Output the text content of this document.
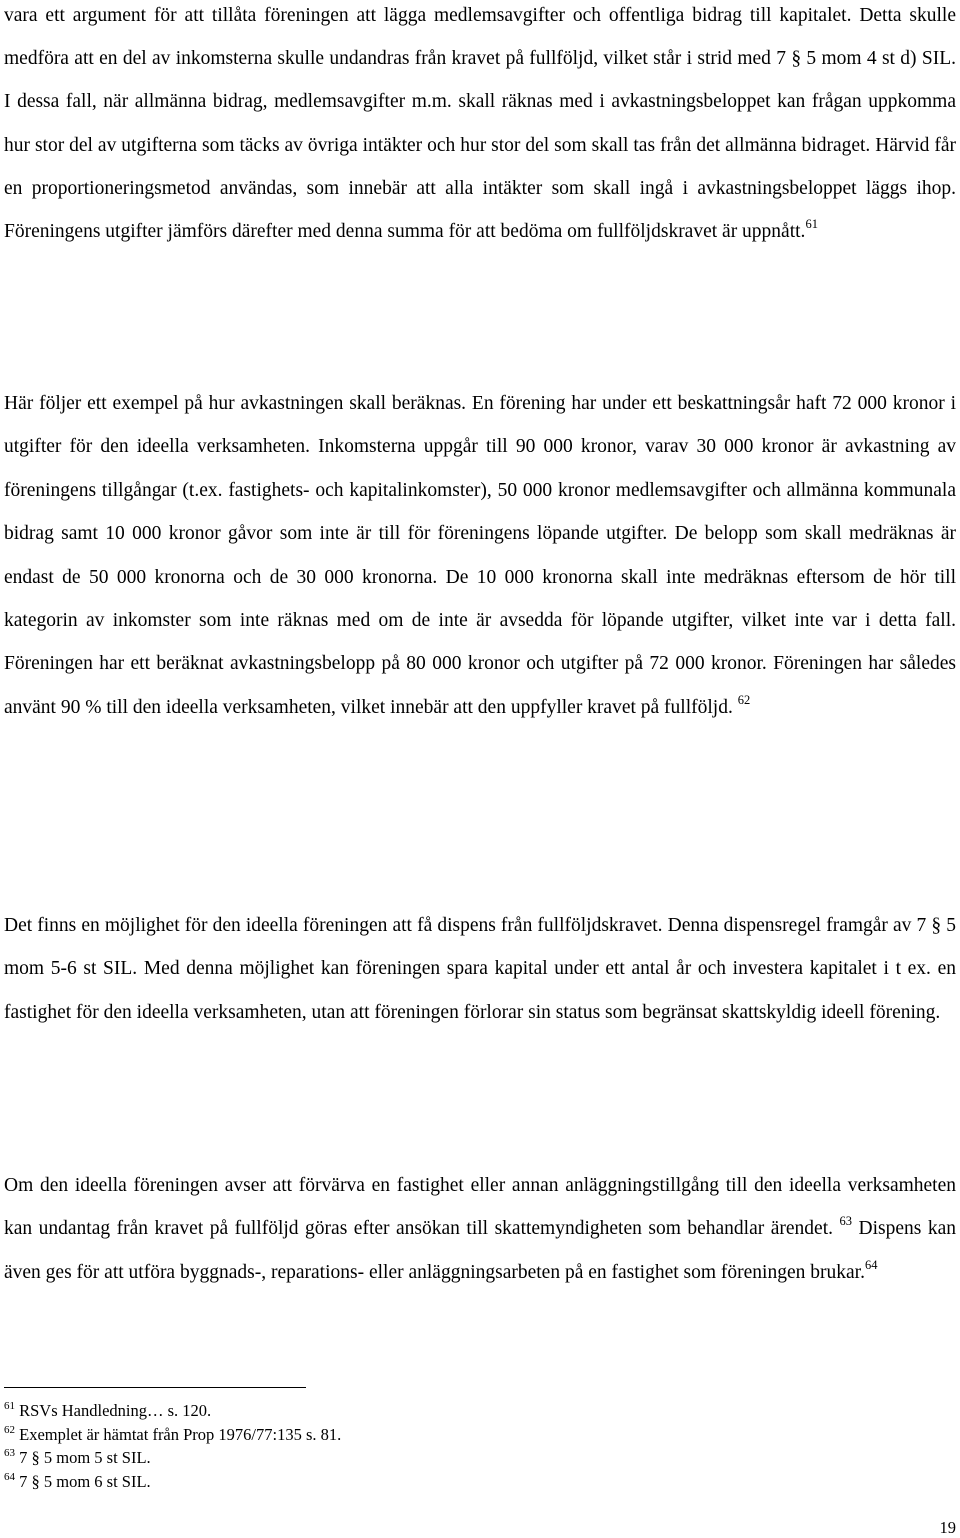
vara ett argument för att tillåta föreningen att lägga medlemsavgifter och offentliga bidrag till kapitalet. Detta skulle medföra att en del av inkomsterna skulle undandras från kravet på fullföljd, vilket står i strid med 7 § 5 mom 4 st d) SIL. I dessa fall, när allmänna bidrag, medlemsavgifter m.m. skall räknas med i avkastningsbeloppet kan frågan uppkomma hur stor del av utgifterna som täcks av övriga intäkter och hur stor del som skall tas från det allmänna bidraget. Härvid får en proportioneringsmetod användas, som innebär att alla intäkter som skall ingå i avkastningsbeloppet läggs ihop. Föreningens utgifter jämförs därefter med denna summa för att bedöma om fullföljdskravet är uppnått.$^{61}$

Här följer ett exempel på hur avkastningen skall beräknas. En förening har under ett beskattningsår haft 72 000 kronor i utgifter för den ideella verksamheten. Inkomsterna uppgår till 90 000 kronor, varav 30 000 kronor är avkastning av föreningens tillgångar (t.ex. fastighets- och kapitalinkomster), 50 000 kronor medlemsavgifter och allmänna kommunala bidrag samt 10 000 kronor gåvor som inte är till för föreningens löpande utgifter. De belopp som skall medräknas är endast de 50 000 kronorna och de 30 000 kronorna. De 10 000 kronorna skall inte medräknas eftersom de hör till kategorin av inkomster som inte räknas med om de inte är avsedda för löpande utgifter, vilket inte var i detta fall. Föreningen har ett beräknat avkastningsbelopp på 80 000 kronor och utgifter på 72 000 kronor. Föreningen har således använt 90 % till den ideella verksamheten, vilket innebär att den uppfyller kravet på fullföljd. $^{62}$

Det finns en möjlighet för den ideella föreningen att få dispens från fullföljdskravet. Denna dispensregel framgår av 7 § 5 mom 5-6 st SIL. Med denna möjlighet kan föreningen spara kapital under ett antal år och investera kapitalet i t ex. en fastighet för den ideella verksamheten, utan att föreningen förlorar sin status som begränsat skattskyldig ideell förening.

Om den ideella föreningen avser att förvärva en fastighet eller annan anläggningstillgång till den ideella verksamheten kan undantag från kravet på fullföljd göras efter ansökan till skattemyndigheten som behandlar ärendet. $^{63}$ Dispens kan även ges för att utföra byggnads-, reparations- eller anläggningsarbeten på en fastighet som föreningen brukar.$^{64}$

$^{61}$ RSVs Handledning… s. 120.
$^{62}$ Exemplet är hämtat från Prop 1976/77:135 s. 81.
$^{63}$ 7 § 5 mom 5 st SIL.
$^{64}$ 7 § 5 mom 6 st SIL.
19
